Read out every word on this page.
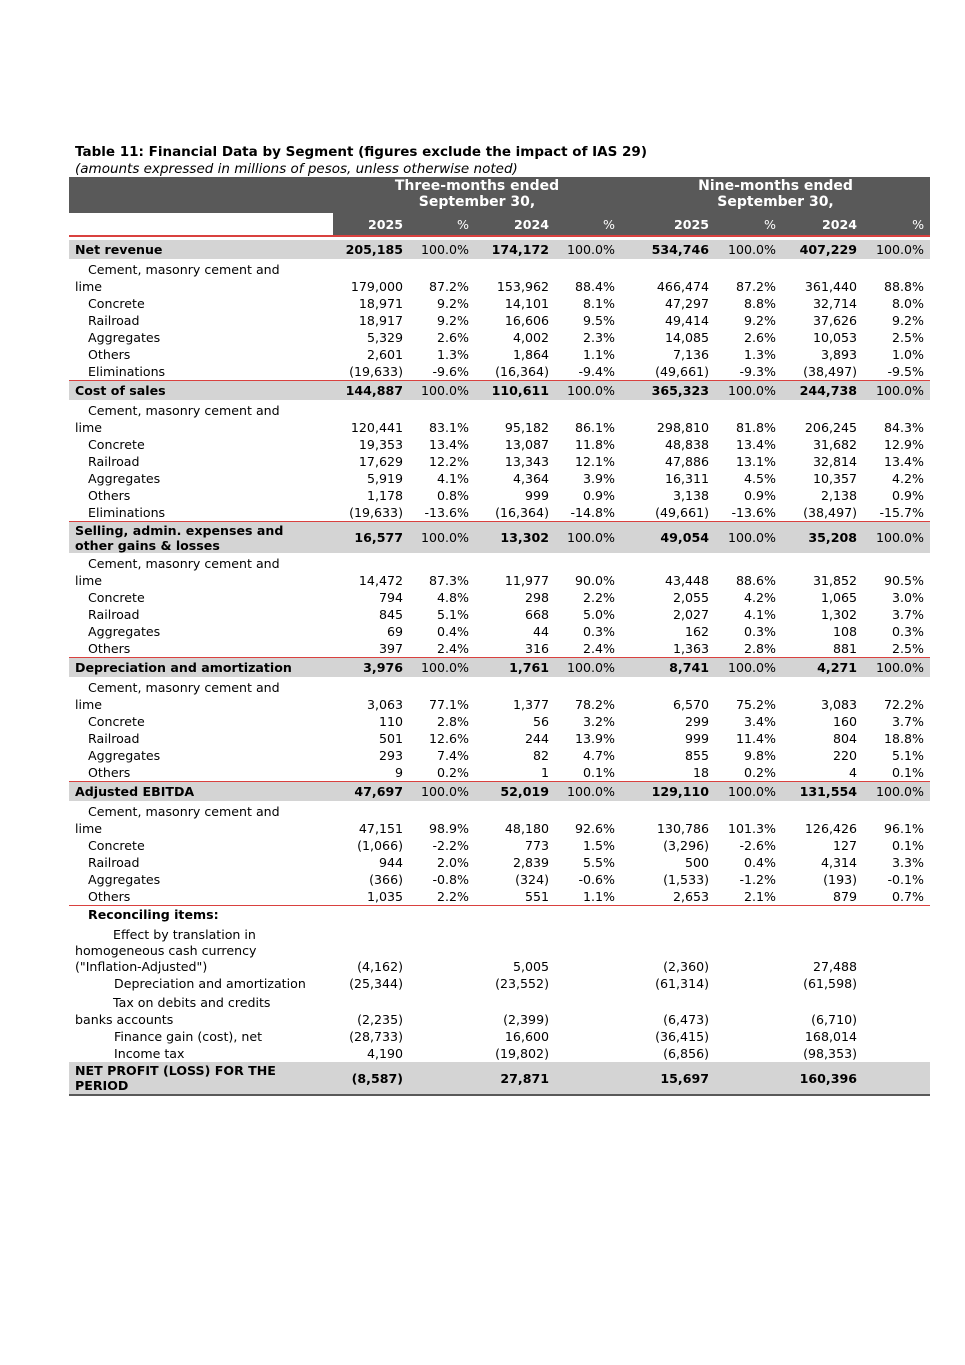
Table 11: Financial Data by Segment (figures exclude the impact of IAS 29)
(amounts expressed in millions of pesos, unless otherwise noted)
	Three-months ended
September 30,				Nine-months ended
September 30,			
	2025	%	2024	%	2025	%	2024	%

Net revenue	205,185	100.0%	174,172	100.0%	534,746	100.0%	407,229	100.0%
Cement, masonry cement and
lime	179,000	87.2%	153,962	88.4%	466,474	87.2%	361,440	88.8%
Concrete	18,971	9.2%	14,101	8.1%	47,297	8.8%	32,714	8.0%
Railroad	18,917	9.2%	16,606	9.5%	49,414	9.2%	37,626	9.2%
Aggregates	5,329	2.6%	4,002	2.3%	14,085	2.6%	10,053	2.5%
Others	2,601	1.3%	1,864	1.1%	7,136	1.3%	3,893	1.0%
Eliminations	(19,633)	-9.6%	(16,364)	-9.4%	(49,661)	-9.3%	(38,497)	-9.5%
Cost of sales	144,887	100.0%	110,611	100.0%	365,323	100.0%	244,738	100.0%
Cement, masonry cement and
lime	120,441	83.1%	95,182	86.1%	298,810	81.8%	206,245	84.3%
Concrete	19,353	13.4%	13,087	11.8%	48,838	13.4%	31,682	12.9%
Railroad	17,629	12.2%	13,343	12.1%	47,886	13.1%	32,814	13.4%
Aggregates	5,919	4.1%	4,364	3.9%	16,311	4.5%	10,357	4.2%
Others	1,178	0.8%	999	0.9%	3,138	0.9%	2,138	0.9%
Eliminations	(19,633)	-13.6%	(16,364)	-14.8%	(49,661)	-13.6%	(38,497)	-15.7%
Selling, admin. expenses and
other gains & losses	16,577	100.0%	13,302	100.0%	49,054	100.0%	35,208	100.0%
Cement, masonry cement and
lime	14,472	87.3%	11,977	90.0%	43,448	88.6%	31,852	90.5%
Concrete	794	4.8%	298	2.2%	2,055	4.2%	1,065	3.0%
Railroad	845	5.1%	668	5.0%	2,027	4.1%	1,302	3.7%
Aggregates	69	0.4%	44	0.3%	162	0.3%	108	0.3%
Others	397	2.4%	316	2.4%	1,363	2.8%	881	2.5%
Depreciation and amortization	3,976	100.0%	1,761	100.0%	8,741	100.0%	4,271	100.0%
Cement, masonry cement and
lime	3,063	77.1%	1,377	78.2%	6,570	75.2%	3,083	72.2%
Concrete	110	2.8%	56	3.2%	299	3.4%	160	3.7%
Railroad	501	12.6%	244	13.9%	999	11.4%	804	18.8%
Aggregates	293	7.4%	82	4.7%	855	9.8%	220	5.1%
Others	9	0.2%	1	0.1%	18	0.2%	4	0.1%
Adjusted EBITDA	47,697	100.0%	52,019	100.0%	129,110	100.0%	131,554	100.0%
Cement, masonry cement and
lime	47,151	98.9%	48,180	92.6%	130,786	101.3%	126,426	96.1%
Concrete	(1,066)	-2.2%	773	1.5%	(3,296)	-2.6%	127	0.1%
Railroad	944	2.0%	2,839	5.5%	500	0.4%	4,314	3.3%
Aggregates	(366)	-0.8%	(324)	-0.6%	(1,533)	-1.2%	(193)	-0.1%
Others	1,035	2.2%	551	1.1%	2,653	2.1%	879	0.7%
Reconciling items:								
Effect by translation in
homogeneous cash currency
("Inflation-Adjusted")	(4,162)		5,005		(2,360)		27,488	
Depreciation and amortization	(25,344)		(23,552)		(61,314)		(61,598)	
Tax on debits and credits
banks accounts	(2,235)		(2,399)		(6,473)		(6,710)	
Finance gain (cost), net	(28,733)		16,600		(36,415)		168,014	
Income tax	4,190		(19,802)		(6,856)		(98,353)	
NET PROFIT (LOSS) FOR THE
PERIOD	(8,587)		27,871		15,697		160,396	
